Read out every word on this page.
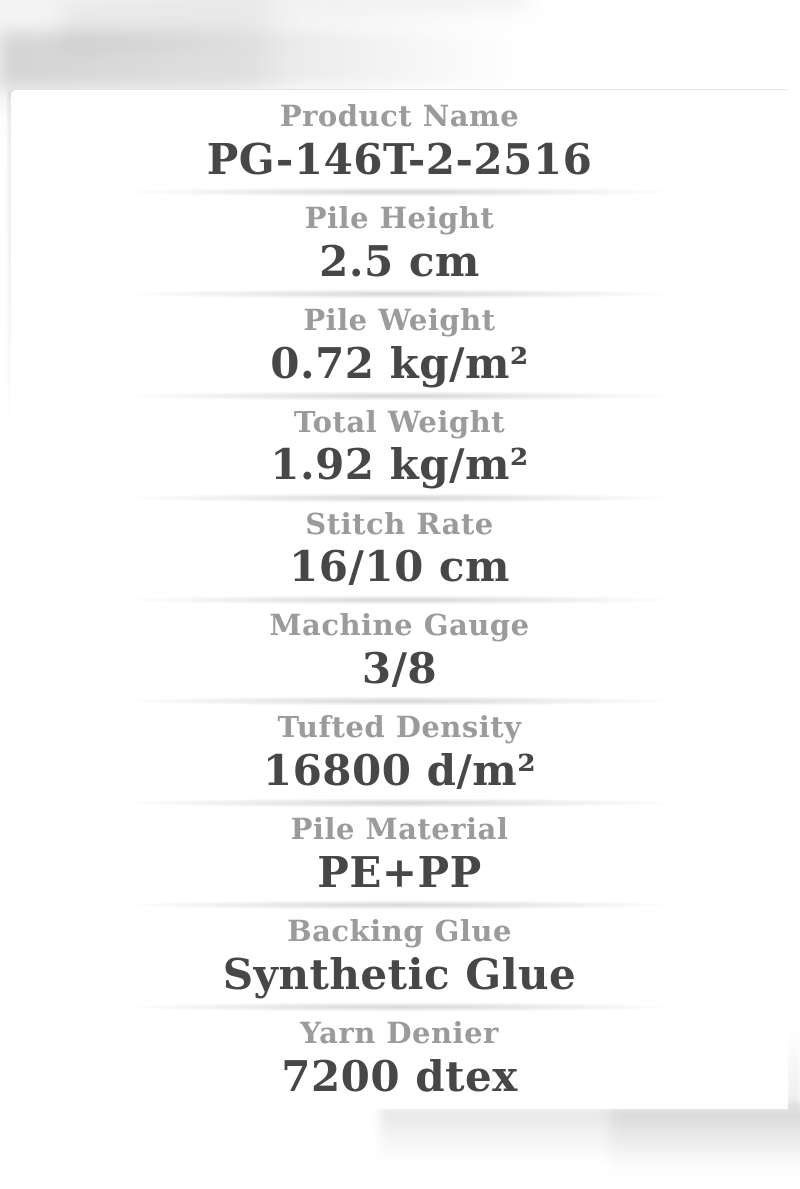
Product Name
PG-146T-2-2516
Pile Height
2.5 cm
Pile Weight
0.72 kg/m²
Total Weight
1.92 kg/m²
Stitch Rate
16/10 cm
Machine Gauge
3/8
Tufted Density
16800 d/m²
Pile Material
PE+PP
Backing Glue
Synthetic Glue
Yarn Denier
7200 dtex
